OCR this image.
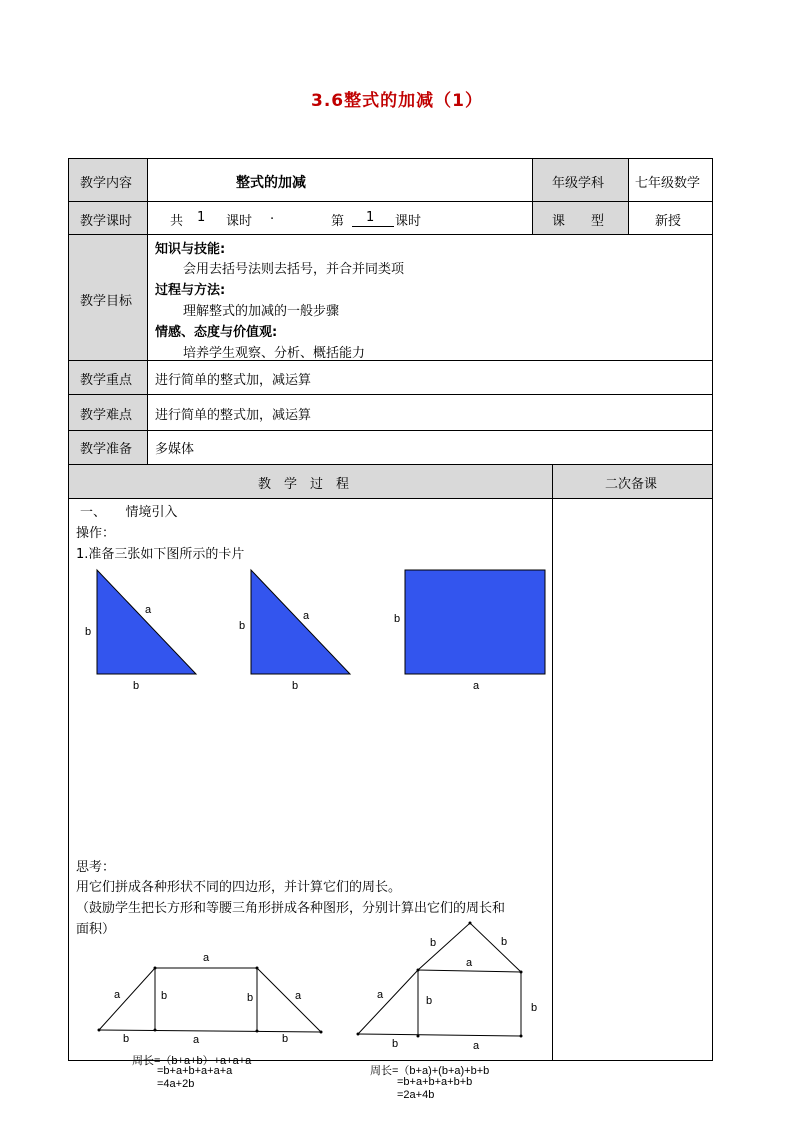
3.6整式的加减（1）
教学内容	整式的加减	年级学科 七年级数学
教学课时	共 1 课时 .	第 1 课时	课　　型	新授
教学目标
知识与技能:
会用去括号法则去括号，并合并同类项
过程与方法:
理解整式的加减的一般步骤
情感、态度与价值观:
培养学生观察、分析、概括能力
教学重点 进行简单的整式加，减运算
教学难点 进行简单的整式加，减运算
教学准备 多媒体
教　学　过　程	二次备课
一、　　情境引入
操作：
1.准备三张如下图所示的卡片
a
b
b
a
b
b
b
a
思考：
用它们拼成各种形状不同的四边形，并计算它们的周长。
（鼓励学生把长方形和等腰三角形拼成各种图形，分别计算出它们的周长和
面积）
a
a	b	b	a
b	a	b
周长=（b+a+b）+a+a+a
=b+a+b+a+a+a
=4a+2b
b	b
a
a	b
b
b	a
周长=（b+a)+(b+a)+b+b
=b+a+b+a+b+b
=2a+4b
